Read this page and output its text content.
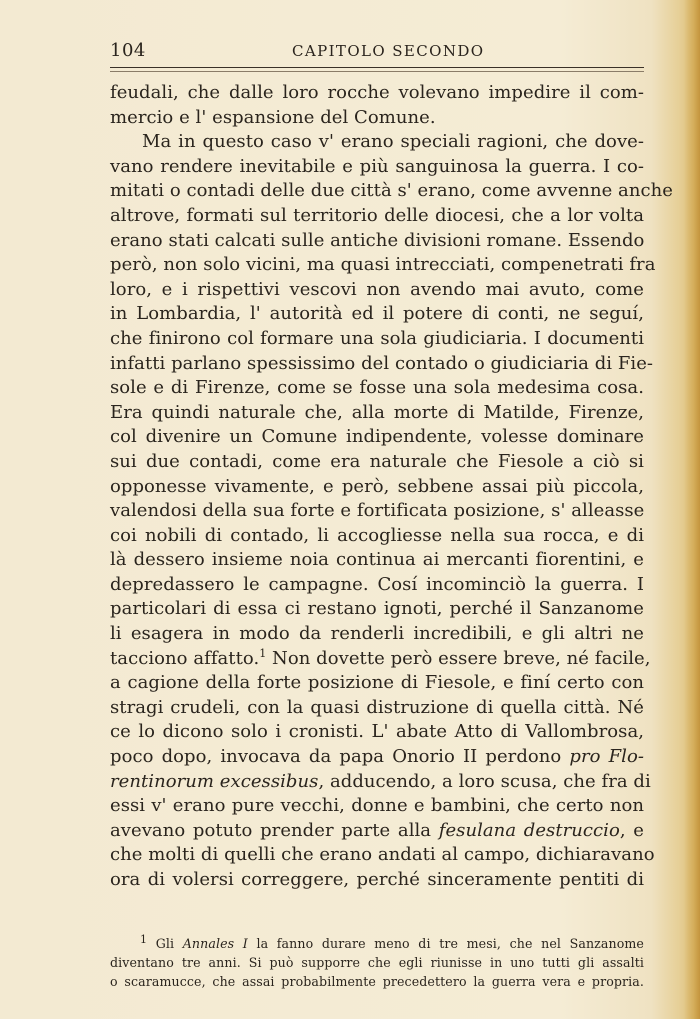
104	CAPITOLO SECONDO
feudali, che dalle loro rocche volevano impedire il com-
mercio e l' espansione del Comune.
Ma in questo caso v' erano speciali ragioni, che dove-
vano rendere inevitabile e più sanguinosa la guerra. I co-
mitati o contadi delle due città s' erano, come avvenne anche
altrove, formati sul territorio delle diocesi, che a lor volta
erano stati calcati sulle antiche divisioni romane. Essendo
però, non solo vicini, ma quasi intrecciati, compenetrati fra
loro, e i rispettivi vescovi non avendo mai avuto, come
in Lombardia, l' autorità ed il potere di conti, ne seguí,
che finirono col formare una sola giudiciaria. I documenti
infatti parlano spessissimo del contado o giudiciaria di Fie-
sole e di Firenze, come se fosse una sola medesima cosa.
Era quindi naturale che, alla morte di Matilde, Firenze,
col divenire un Comune indipendente, volesse dominare
sui due contadi, come era naturale che Fiesole a ciò si
opponesse vivamente, e però, sebbene assai più piccola,
valendosi della sua forte e fortificata posizione, s' alleasse
coi nobili di contado, li accogliesse nella sua rocca, e di
là dessero insieme noia continua ai mercanti fiorentini, e
depredassero le campagne. Cosí incominciò la guerra. I
particolari di essa ci restano ignoti, perché il Sanzanome
li esagera in modo da renderli incredibili, e gli altri ne
tacciono affatto.$^1$ Non dovette però essere breve, né facile,
a cagione della forte posizione di Fiesole, e finí certo con
stragi crudeli, con la quasi distruzione di quella città. Né
ce lo dicono solo i cronisti. L' abate Atto di Vallombrosa,
poco dopo, invocava da papa Onorio II perdono pro Flo-
rentinorum excessibus, adducendo, a loro scusa, che fra di
essi v' erano pure vecchi, donne e bambini, che certo non
avevano potuto prender parte alla fesulana destruccio, e
che molti di quelli che erano andati al campo, dichiaravano
ora di volersi correggere, perché sinceramente pentiti di
$^1$ Gli Annales I la fanno durare meno di tre mesi, che nel Sanzanome
diventano tre anni. Si può supporre che egli riunisse in uno tutti gli assalti
o scaramucce, che assai probabilmente precedettero la guerra vera e propria.
